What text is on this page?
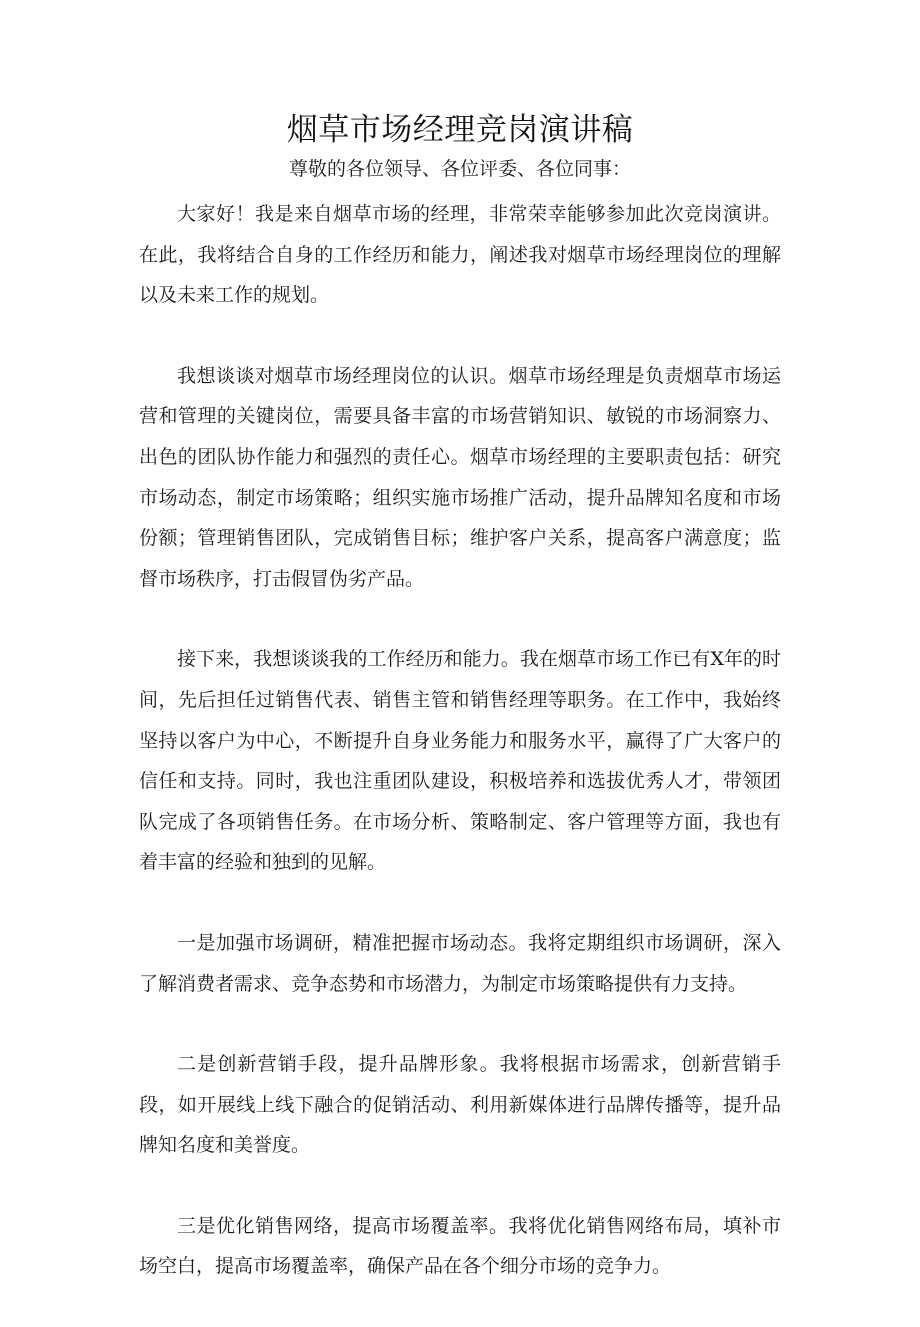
烟草市场经理竞岗演讲稿

尊敬的各位领导、各位评委、各位同事：

大家好！我是来自烟草市场的经理，非常荣幸能够参加此次竞岗演讲。在此，我将结合自身的工作经历和能力，阐述我对烟草市场经理岗位的理解以及未来工作的规划。

我想谈谈对烟草市场经理岗位的认识。烟草市场经理是负责烟草市场运营和管理的关键岗位，需要具备丰富的市场营销知识、敏锐的市场洞察力、出色的团队协作能力和强烈的责任心。烟草市场经理的主要职责包括：研究市场动态，制定市场策略；组织实施市场推广活动，提升品牌知名度和市场份额；管理销售团队，完成销售目标；维护客户关系，提高客户满意度；监督市场秩序，打击假冒伪劣产品。

接下来，我想谈谈我的工作经历和能力。我在烟草市场工作已有X年的时间，先后担任过销售代表、销售主管和销售经理等职务。在工作中，我始终坚持以客户为中心，不断提升自身业务能力和服务水平，赢得了广大客户的信任和支持。同时，我也注重团队建设，积极培养和选拔优秀人才，带领团队完成了各项销售任务。在市场分析、策略制定、客户管理等方面，我也有着丰富的经验和独到的见解。

一是加强市场调研，精准把握市场动态。我将定期组织市场调研，深入了解消费者需求、竞争态势和市场潜力，为制定市场策略提供有力支持。

二是创新营销手段，提升品牌形象。我将根据市场需求，创新营销手段，如开展线上线下融合的促销活动、利用新媒体进行品牌传播等，提升品牌知名度和美誉度。

三是优化销售网络，提高市场覆盖率。我将优化销售网络布局，填补市场空白，提高市场覆盖率，确保产品在各个细分市场的竞争力。
